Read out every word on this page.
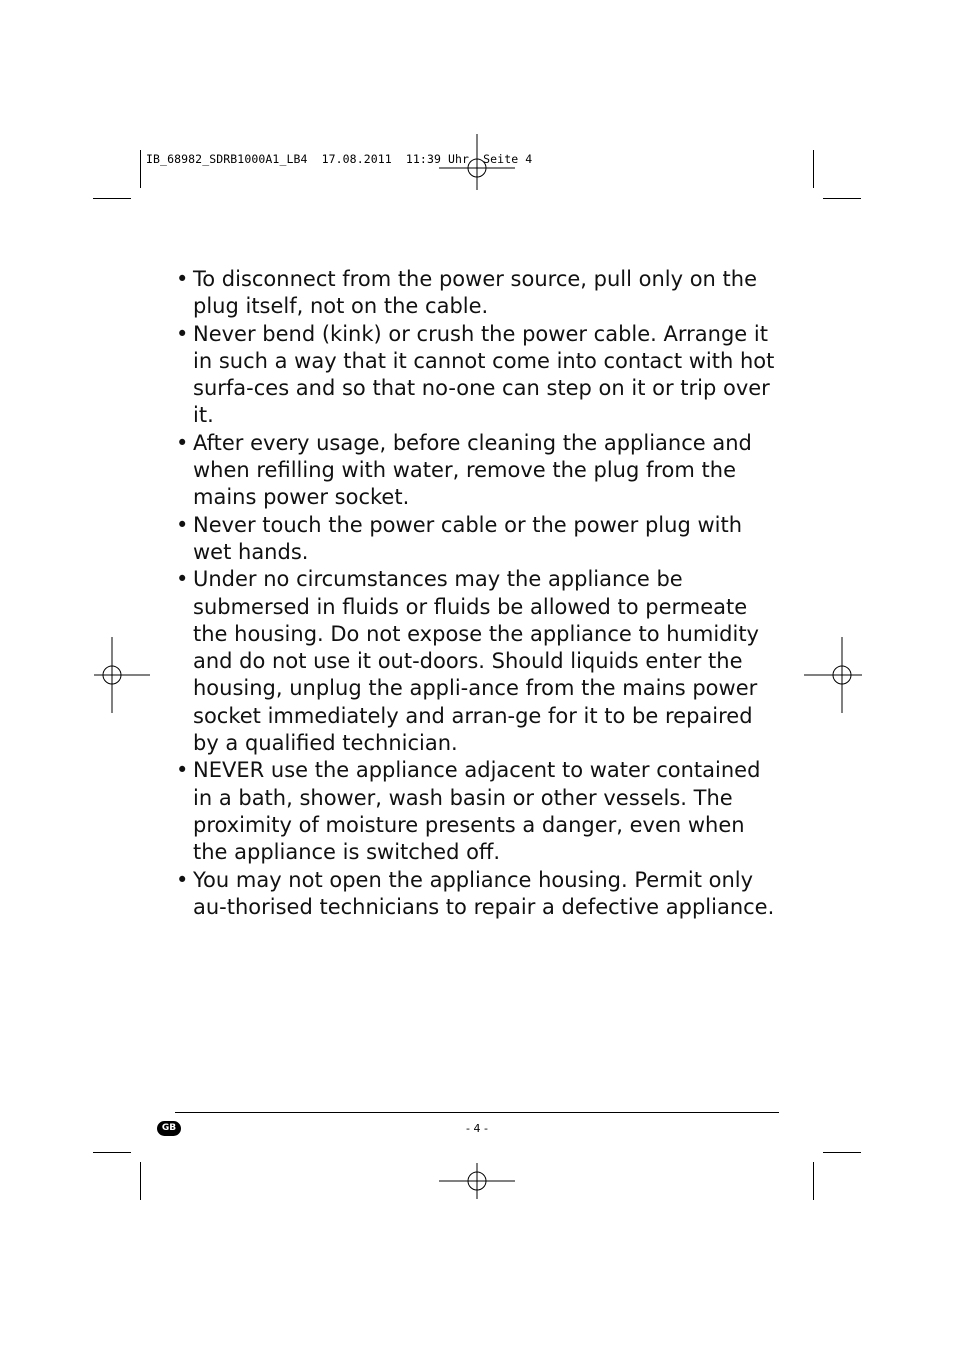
IB_68982_SDRB1000A1_LB4  17.08.2011  11:39 Uhr  Seite 4
• To disconnect from the power source, pull only on the plug itself, not on the cable.
• Never bend (kink) or crush the power cable. Arrange it in such a way that it cannot come into contact with hot surfa-ces and so that no-one can step on it or trip over it.
• After every usage, before cleaning the appliance and when refilling with water, remove the plug from the mains power socket.
• Never touch the power cable or the power plug with wet hands.
• Under no circumstances may the appliance be submersed in fluids or fluids be allowed to permeate the housing. Do not expose the appliance to humidity and do not use it out-doors. Should liquids enter the housing, unplug the appli-ance from the mains power socket immediately and arran-ge for it to be repaired by a qualified technician.
• NEVER use the appliance adjacent to water contained in a bath, shower, wash basin or other vessels. The proximity of moisture presents a danger, even when the appliance is switched off.
• You may not open the appliance housing. Permit only au-thorised technicians to repair a defective appliance.
GB	- 4 -
